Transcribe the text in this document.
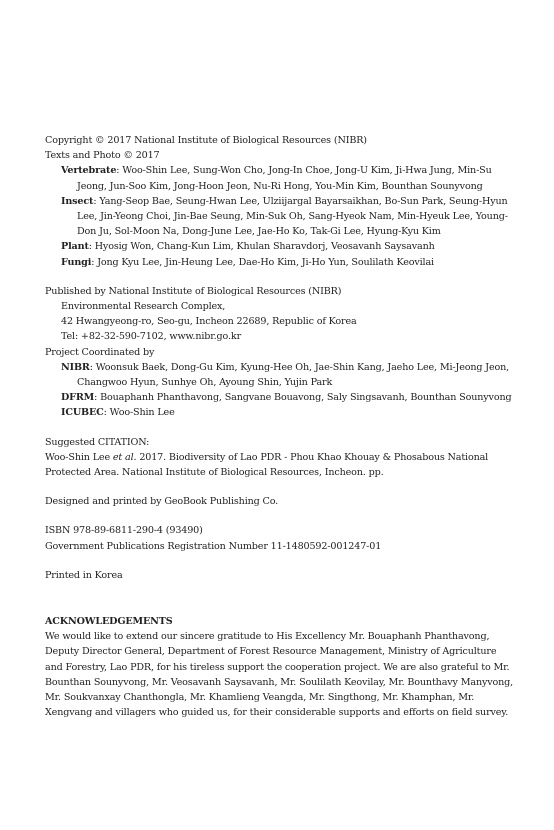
Copyright © 2017 National Institute of Biological Resources (NIBR)

Texts and Photo © 2017

Vertebrate: Woo-Shin Lee, Sung-Won Cho, Jong-In Choe, Jong-U Kim, Ji-Hwa Jung, Min-Su Jeong, Jun-Soo Kim, Jong-Hoon Jeon, Nu-Ri Hong, You-Min Kim, Bounthan Sounyvong

Insect: Yang-Seop Bae, Seung-Hwan Lee, Ulziijargal Bayarsaikhan, Bo-Sun Park, Seung-Hyun Lee, Jin-Yeong Choi, Jin-Bae Seung, Min-Suk Oh, Sang-Hyeok Nam, Min-Hyeuk Lee, Young-Don Ju, Sol-Moon Na, Dong-June Lee, Jae-Ho Ko, Tak-Gi Lee, Hyung-Kyu Kim

Plant: Hyosig Won, Chang-Kun Lim, Khulan Sharavdorj, Veosavanh Saysavanh

Fungi: Jong Kyu Lee, Jin-Heung Lee, Dae-Ho Kim, Ji-Ho Yun, Soulilath Keovilai

Published by National Institute of Biological Resources (NIBR)

Environmental Research Complex,

42 Hwangyeong-ro, Seo-gu, Incheon 22689, Republic of Korea

Tel: +82-32-590-7102, www.nibr.go.kr

Project Coordinated by

NIBR: Woonsuk Baek, Dong-Gu Kim, Kyung-Hee Oh, Jae-Shin Kang, Jaeho Lee, Mi-Jeong Jeon, Changwoo Hyun, Sunhye Oh, Ayoung Shin, Yujin Park

DFRM: Bouaphanh Phanthavong, Sangvane Bouavong, Saly Singsavanh, Bounthan Sounyvong

ICUBEC: Woo-Shin Lee

Suggested CITATION:

Woo-Shin Lee et al. 2017. Biodiversity of Lao PDR - Phou Khao Khouay & Phosabous National Protected Area. National Institute of Biological Resources, Incheon. pp.

Designed and printed by GeoBook Publishing Co.

ISBN 978-89-6811-290-4 (93490)

Government Publications Registration Number 11-1480592-001247-01

Printed in Korea

ACKNOWLEDGEMENTS

We would like to extend our sincere gratitude to His Excellency Mr. Bouaphanh Phanthavong, Deputy Director General, Department of Forest Resource Management, Ministry of Agriculture and Forestry, Lao PDR, for his tireless support the cooperation project. We are also grateful to Mr. Bounthan Sounyvong, Mr. Veosavanh Saysavanh, Mr. Soulilath Keovilay, Mr. Bounthavy Manyvong, Mr. Soukvanxay Chanthongla, Mr. Khamlieng Veangda, Mr. Singthong, Mr. Khamphan, Mr. Xengvang and villagers who guided us, for their considerable supports and efforts on field survey.
